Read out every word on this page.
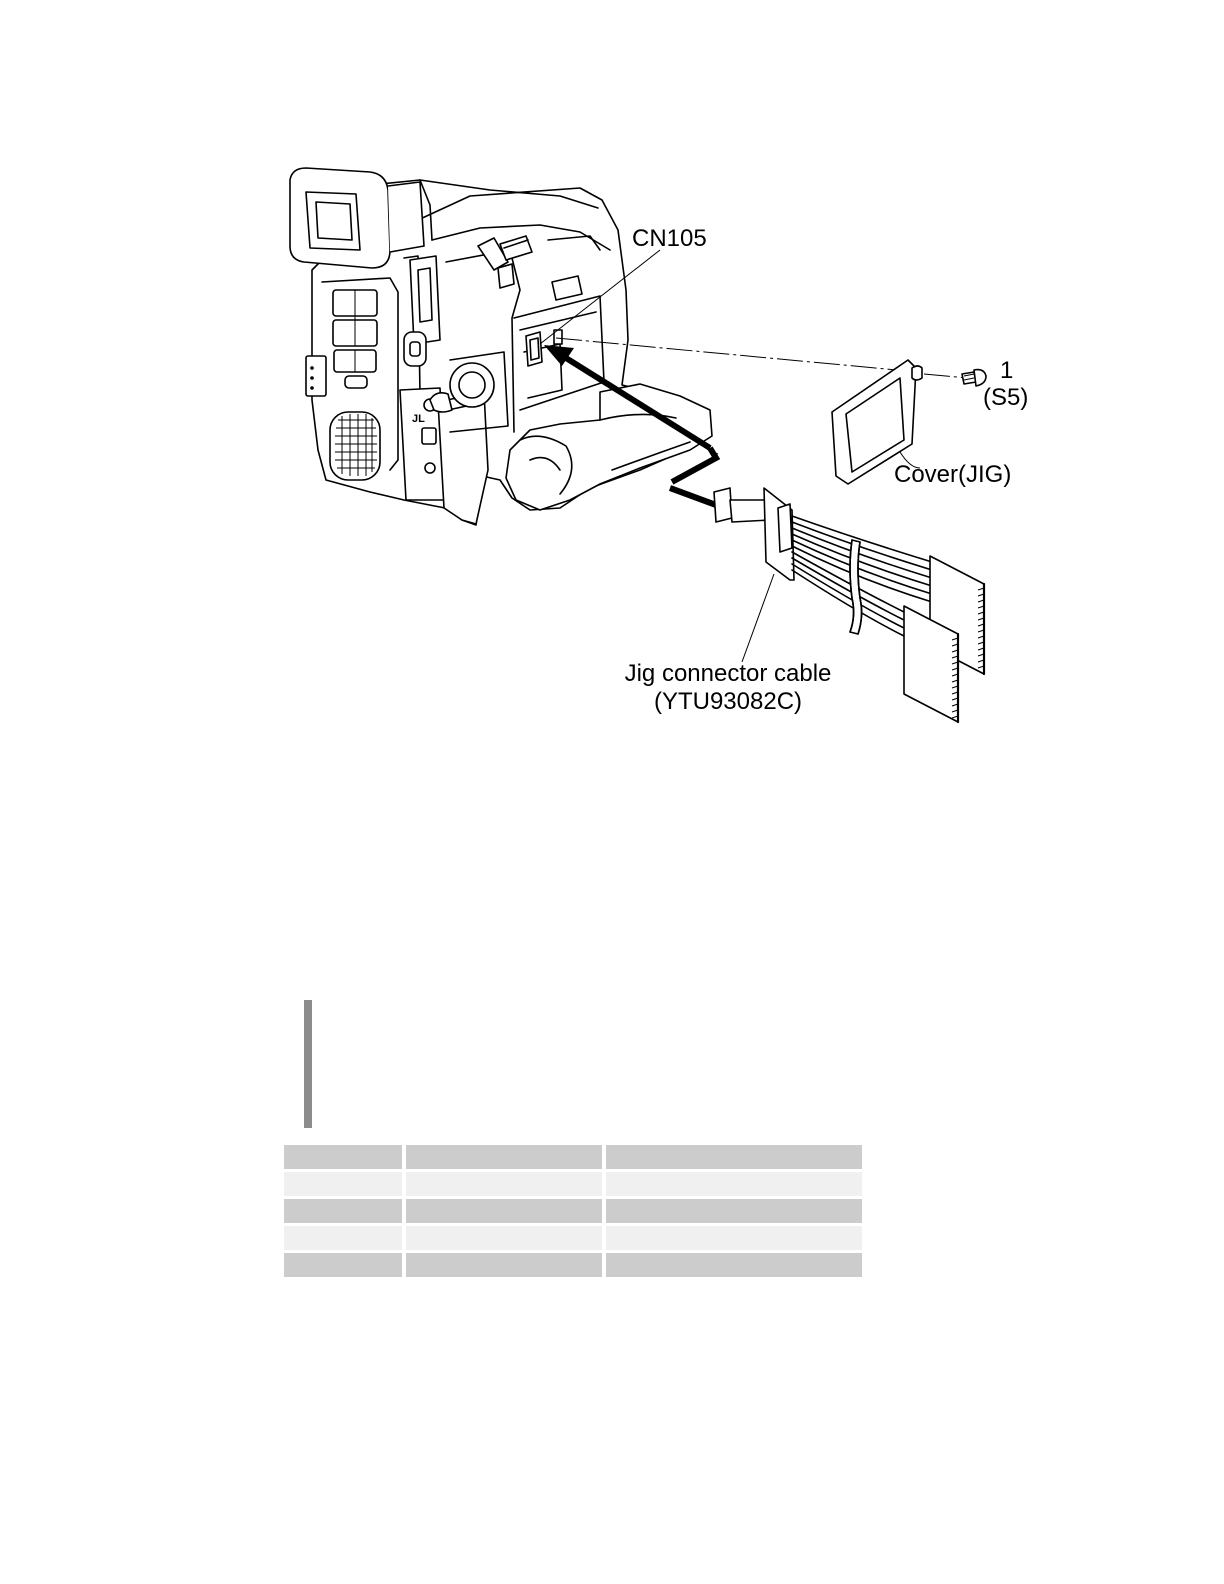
JL
CN105
1
(S5)
Cover(JIG)
Jig connector cable
(YTU93082C)
